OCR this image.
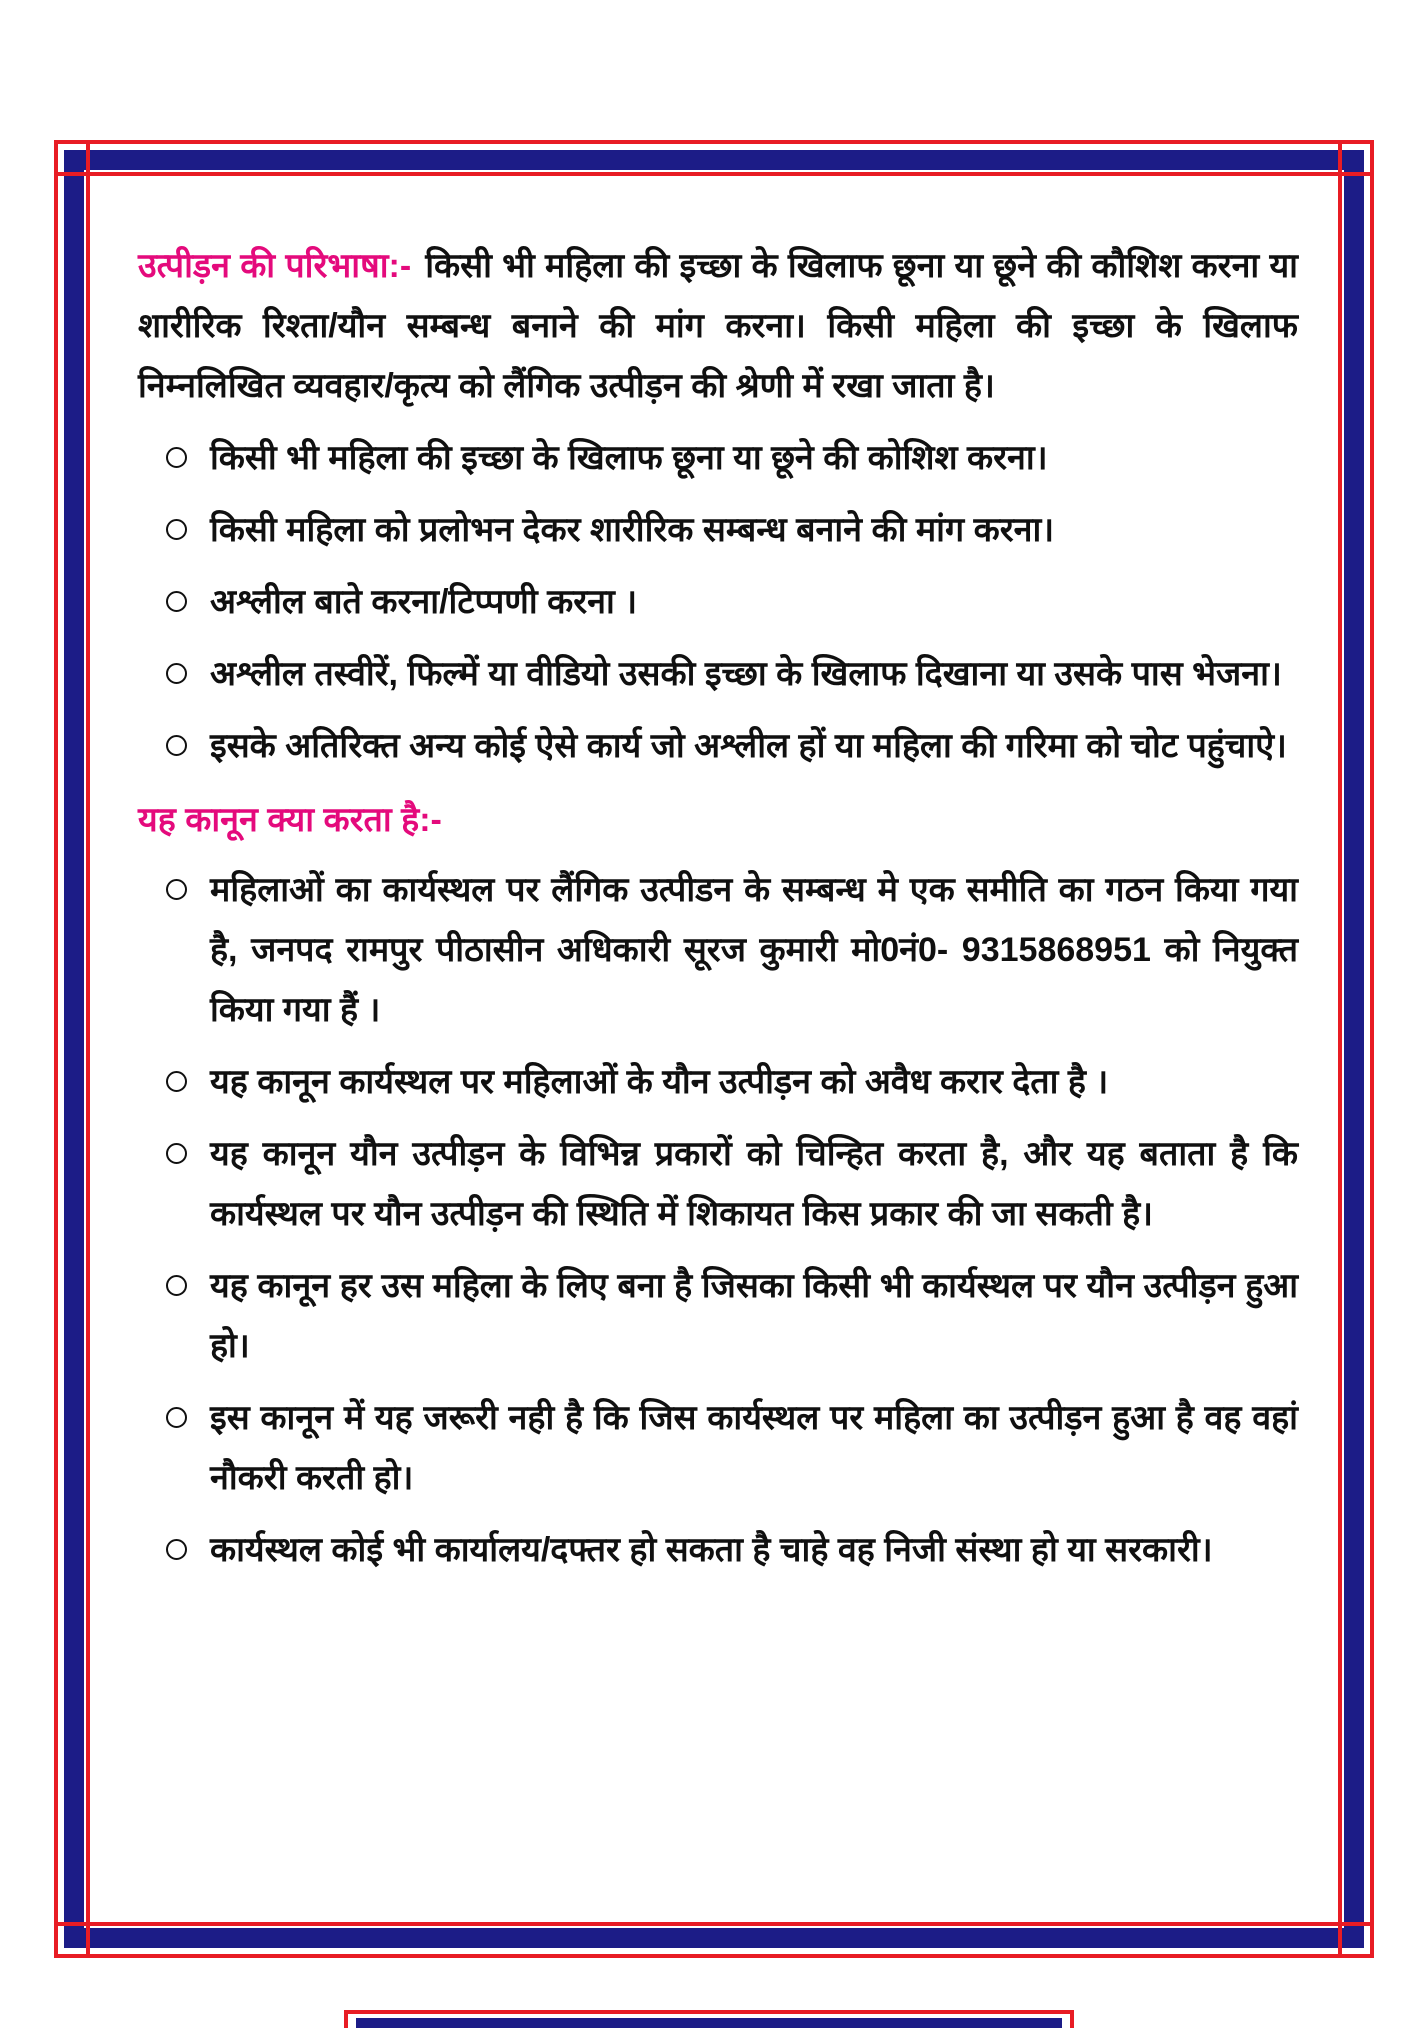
उत्पीड़न की परिभाषा:- किसी भी महिला की इच्छा के खिलाफ छूना या छूने की कौशिश करना या शारीरिक रिश्ता/यौन सम्बन्ध बनाने की मांग करना। किसी महिला की इच्छा के खिलाफ निम्नलिखित व्यवहार/कृत्य को लैंगिक उत्पीड़न की श्रेणी में रखा जाता है।

किसी भी महिला की इच्छा के खिलाफ छूना या छूने की कोशिश करना।
किसी महिला को प्रलोभन देकर शारीरिक सम्बन्ध बनाने की मांग करना।
अश्लील बाते करना/टिप्पणी करना ।
अश्लील तस्वीरें, फिल्में या वीडियो उसकी इच्छा के खिलाफ दिखाना या उसके पास भेजना।
इसके अतिरिक्त अन्य कोई ऐसे कार्य जो अश्लील हों या महिला की गरिमा को चोट पहुंचाऐ।
यह कानून क्या करता है:-
महिलाओं का कार्यस्थल पर लैंगिक उत्पीडन के सम्बन्ध मे एक समीति का गठन किया गया है, जनपद रामपुर पीठासीन अधिकारी सूरज कुमारी मो0नं0- 9315868951 को नियुक्त किया गया हैं ।
यह कानून कार्यस्थल पर महिलाओं के यौन उत्पीड़न को अवैध करार देता है ।
यह कानून यौन उत्पीड़न के विभिन्न प्रकारों को चिन्हित करता है, और यह बताता है कि कार्यस्थल पर यौन उत्पीड़न की स्थिति में शिकायत किस प्रकार की जा सकती है।
यह कानून हर उस महिला के लिए बना है जिसका किसी भी कार्यस्थल पर यौन उत्पीड़न हुआ हो।
इस कानून में यह जरूरी नही है कि जिस कार्यस्थल पर महिला का उत्पीड़न हुआ है वह वहां नौकरी करती हो।
कार्यस्थल कोई भी कार्यालय/दफ्तर हो सकता है चाहे वह निजी संस्था हो या सरकारी।
